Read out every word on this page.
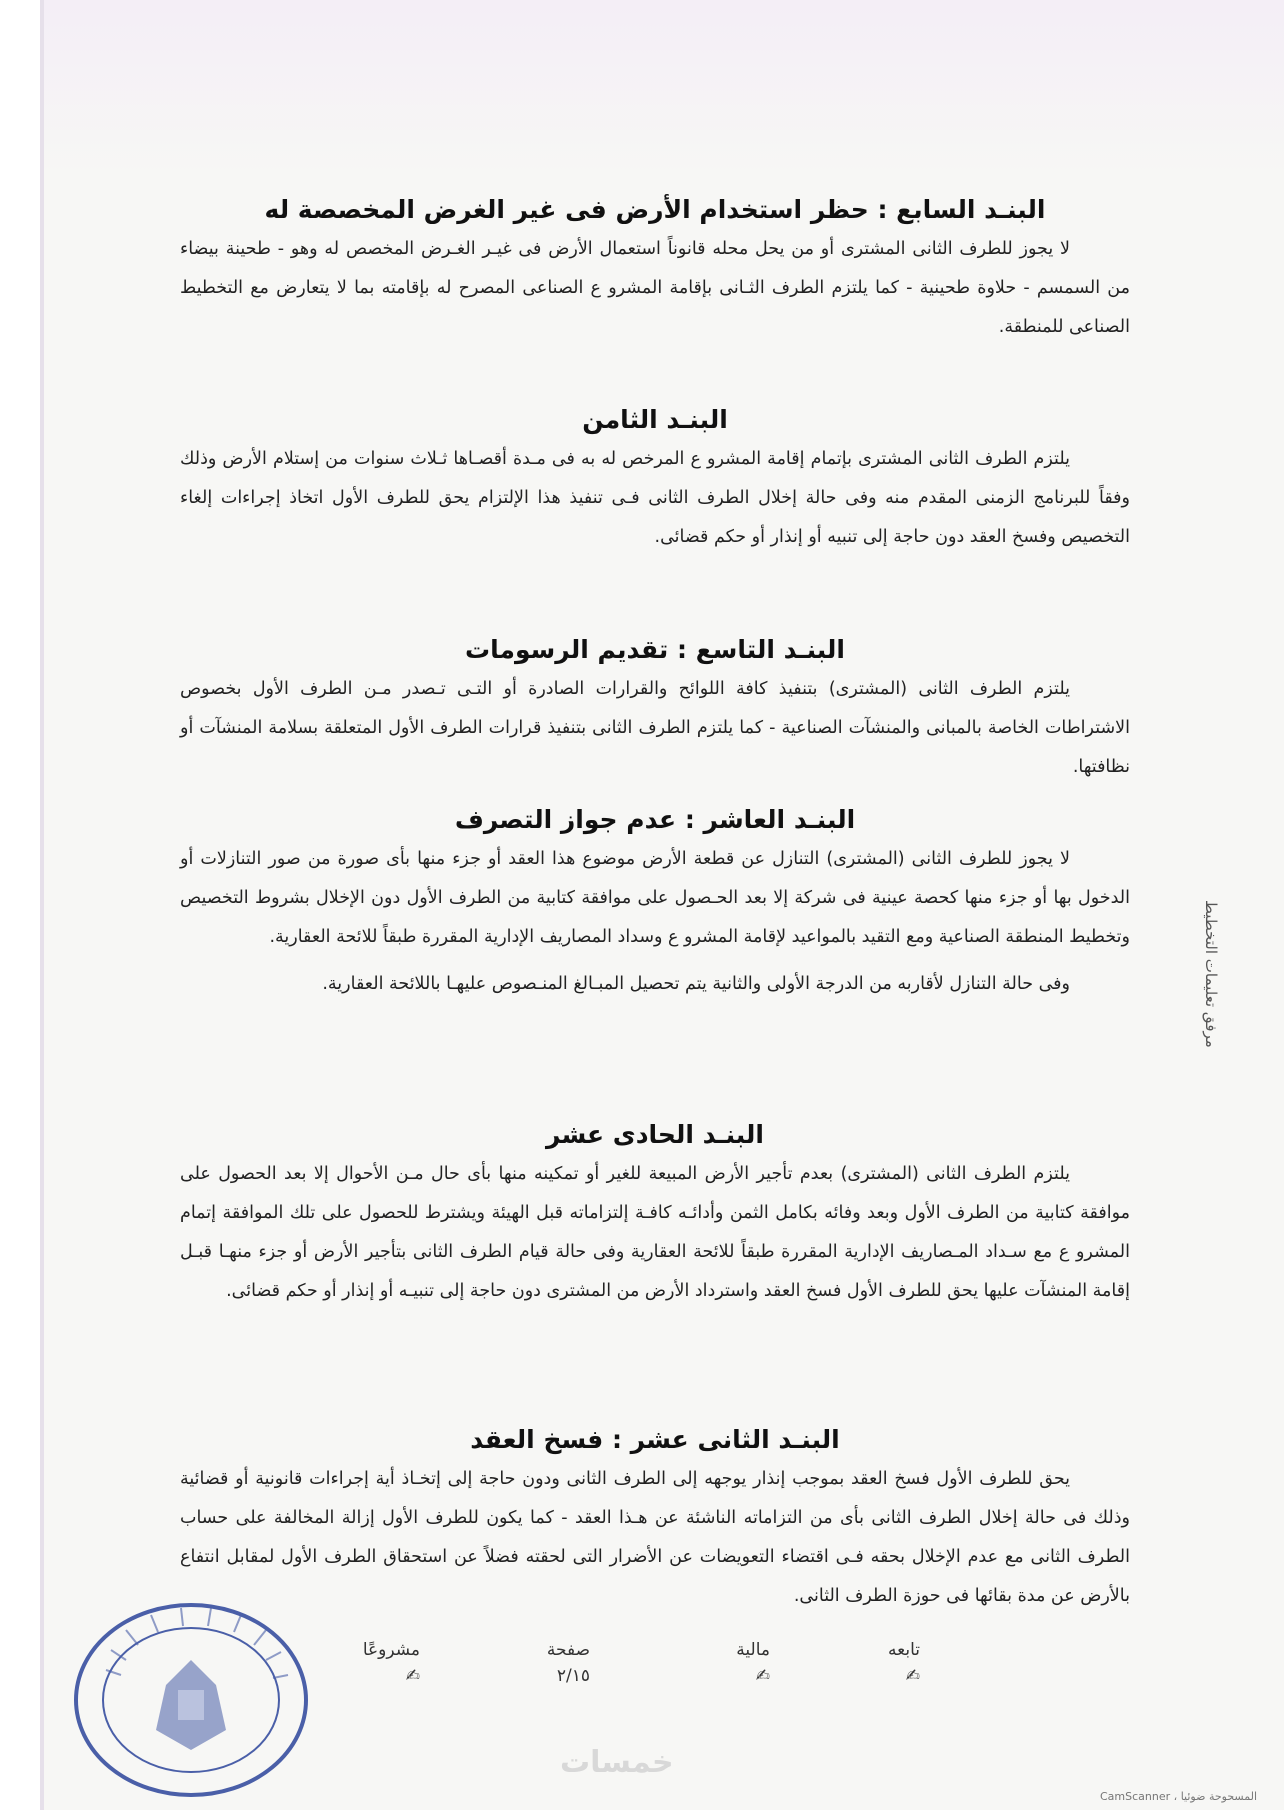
البنـد السابع : حظر استخدام الأرض فى غير الغرض المخصصة له

لا يجوز للطرف الثانى المشترى أو من يحل محله قانوناً استعمال الأرض فى غيـر الغـرض المخصص له وهو - طحينة بيضاء من السمسم - حلاوة طحينية - كما يلتزم الطرف الثـانى بإقامة المشرو ع الصناعى المصرح له بإقامته بما لا يتعارض مع التخطيط الصناعى للمنطقة.

البنـد الثامن

يلتزم الطرف الثانى المشترى بإتمام إقامة المشرو ع المرخص له به فى مـدة أقصـاها ثـلاث سنوات من إستلام الأرض وذلك وفقاً للبرنامج الزمنى المقدم منه وفى حالة إخلال الطرف الثانى فـى تنفيذ هذا الإلتزام يحق للطرف الأول اتخاذ إجراءات إلغاء التخصيص وفسخ العقد دون حاجة إلى تنبيه أو إنذار أو حكم قضائى.

البنـد التاسع : تقديم الرسومات

يلتزم الطرف الثانى (المشترى) بتنفيذ كافة اللوائح والقرارات الصادرة أو التـى تـصدر مـن الطرف الأول بخصوص الاشتراطات الخاصة بالمبانى والمنشآت الصناعية - كما يلتزم الطرف الثانى بتنفيذ قرارات الطرف الأول المتعلقة بسلامة المنشآت أو نظافتها.

البنـد العاشر : عدم جواز التصرف

لا يجوز للطرف الثانى (المشترى) التنازل عن قطعة الأرض موضوع هذا العقد أو جزء منها بأى صورة من صور التنازلات أو الدخول بها أو جزء منها كحصة عينية فى شركة إلا بعد الحـصول على موافقة كتابية من الطرف الأول دون الإخلال بشروط التخصيص وتخطيط المنطقة الصناعية ومع التقيد بالمواعيد لإقامة المشرو ع وسداد المصاريف الإدارية المقررة طبقاً للائحة العقارية.

وفى حالة التنازل لأقاربه من الدرجة الأولى والثانية يتم تحصيل المبـالغ المنـصوص عليهـا باللائحة العقارية.

البنـد الحادى عشر

يلتزم الطرف الثانى (المشترى) بعدم تأجير الأرض المبيعة للغير أو تمكينه منها بأى حال مـن الأحوال إلا بعد الحصول على موافقة كتابية من الطرف الأول وبعد وفائه بكامل الثمن وأدائـه كافـة إلتزاماته قبل الهيئة ويشترط للحصول على تلك الموافقة إتمام المشرو ع مع سـداد المـصاريف الإدارية المقررة طبقاً للائحة العقارية وفى حالة قيام الطرف الثانى بتأجير الأرض أو جزء منهـا قبـل إقامة المنشآت عليها يحق للطرف الأول فسخ العقد واسترداد الأرض من المشترى دون حاجة إلى تنبيـه أو إنذار أو حكم قضائى.

البنـد الثانى عشر : فسخ العقد

يحق للطرف الأول فسخ العقد بموجب إنذار يوجهه إلى الطرف الثانى ودون حاجة إلى إتخـاذ أية إجراءات قانونية أو قضائية وذلك فى حالة إخلال الطرف الثانى بأى من التزاماته الناشئة عن هـذا العقد - كما يكون للطرف الأول إزالة المخالفة على حساب الطرف الثانى مع عدم الإخلال بحقه فـى اقتضاء التعويضات عن الأضرار التى لحقته فضلاً عن استحقاق الطرف الأول لمقابل انتفاع بالأرض عن مدة بقائها فى حوزة الطرف الثانى.

تابعه
✍
مالية
✍
صفحة
٢/١٥
مشروعًا
✍
مرفق تعليمات التخطيط
خمسات
CamScanner ، المسحوحة ضوئيا
